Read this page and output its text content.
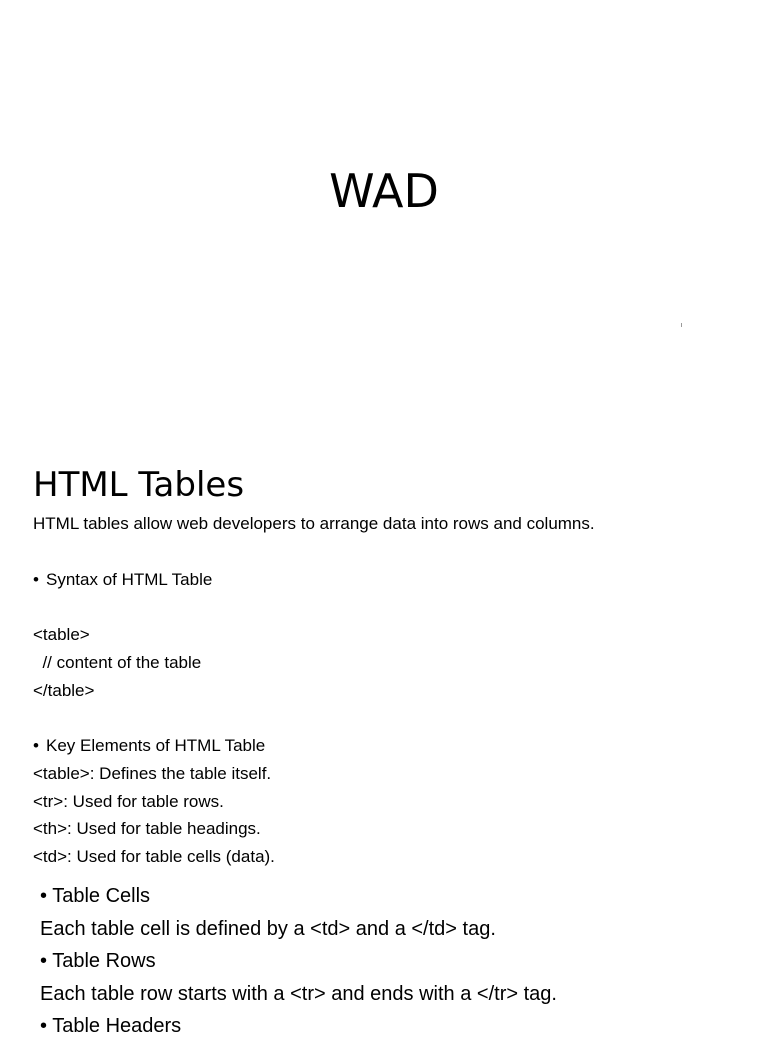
WAD
HTML Tables
HTML tables allow web developers to arrange data into rows and columns.
• Syntax of HTML Table
<table>
// content of the table
</table>
• Key Elements of HTML Table
<table>: Defines the table itself.
<tr>: Used for table rows.
<th>: Used for table headings.
<td>: Used for table cells (data).
• Table Cells
Each table cell is defined by a <td> and a </td> tag.
• Table Rows
Each table row starts with a <tr> and ends with a </tr> tag.
• Table Headers
